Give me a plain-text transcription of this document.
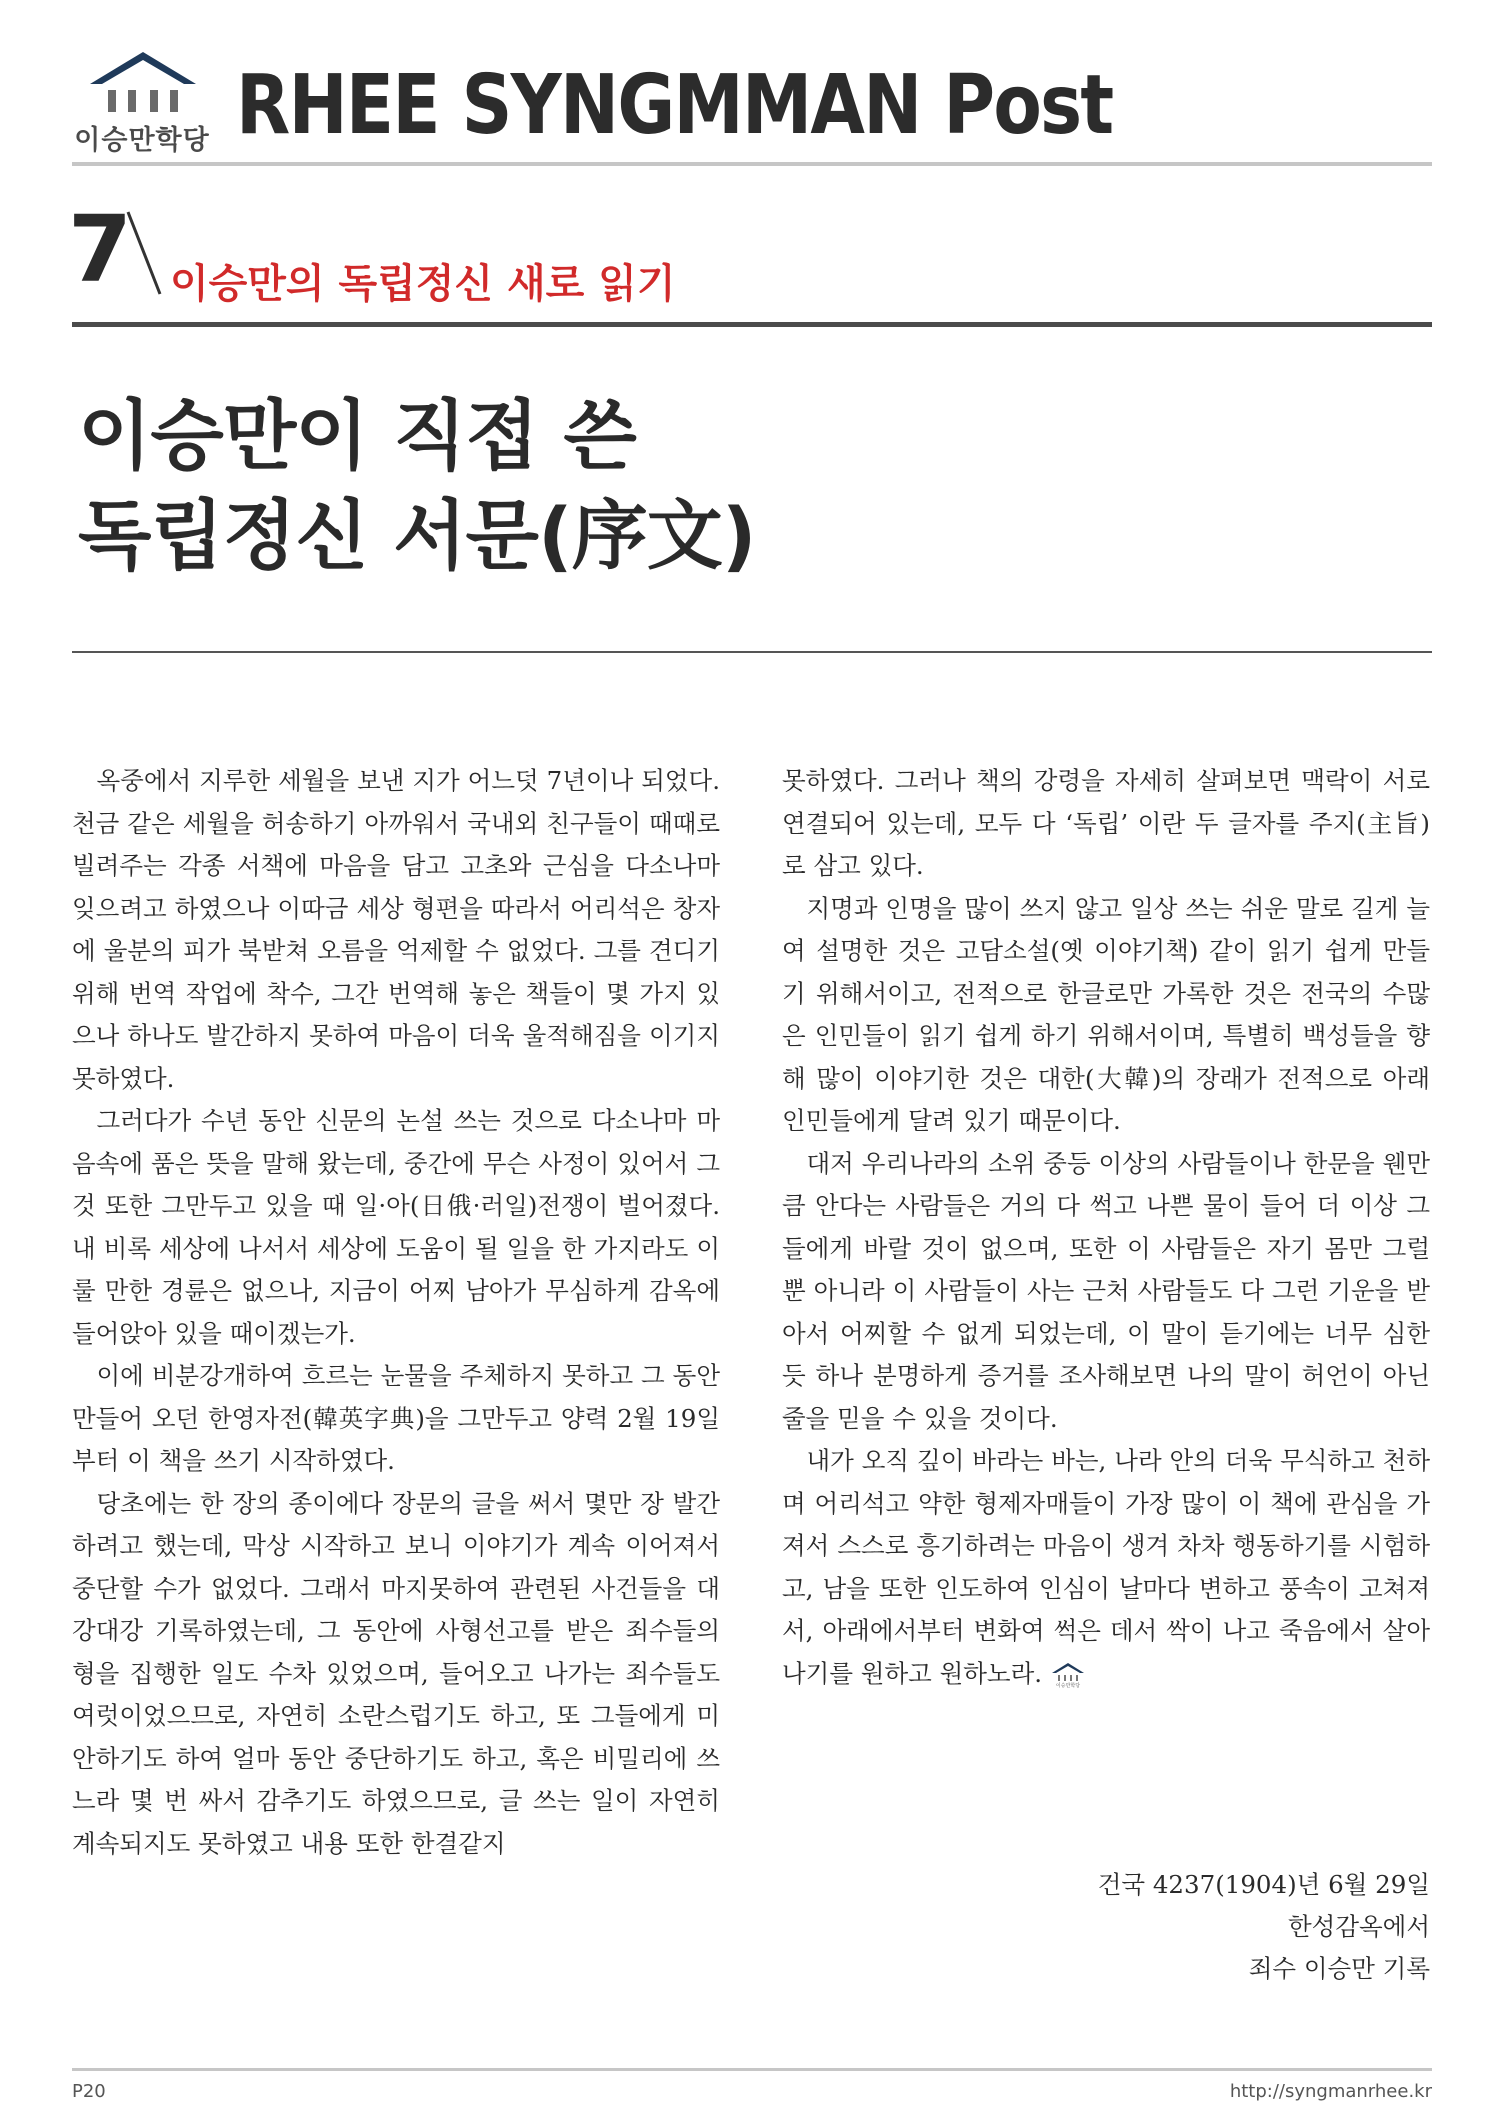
이승만학당 RHEE SYNGMMAN Post
7 이승만의 독립정신 새로 읽기
이승만이 직접 쓴
독립정신 서문(序文)

옥중에서 지루한 세월을 보낸 지가 어느덧 7년이나 되었다. 천금 같은 세월을 허송하기 아까워서 국내외 친구들이 때때로 빌려주는 각종 서책에 마음을 담고 고초와 근심을 다소나마 잊으려고 하였으나 이따금 세상 형편을 따라서 어리석은 창자에 울분의 피가 북받쳐 오름을 억제할 수 없었다. 그를 견디기 위해 번역 작업에 착수, 그간 번역해 놓은 책들이 몇 가지 있으나 하나도 발간하지 못하여 마음이 더욱 울적해짐을 이기지 못하였다.

그러다가 수년 동안 신문의 논설 쓰는 것으로 다소나마 마음속에 품은 뜻을 말해 왔는데, 중간에 무슨 사정이 있어서 그것 또한 그만두고 있을 때 일·아(日俄·러일)전쟁이 벌어졌다. 내 비록 세상에 나서서 세상에 도움이 될 일을 한 가지라도 이룰 만한 경륜은 없으나, 지금이 어찌 남아가 무심하게 감옥에 들어앉아 있을 때이겠는가.

이에 비분강개하여 흐르는 눈물을 주체하지 못하고 그 동안 만들어 오던 한영자전(韓英字典)을 그만두고 양력 2월 19일부터 이 책을 쓰기 시작하였다.

당초에는 한 장의 종이에다 장문의 글을 써서 몇만 장 발간하려고 했는데, 막상 시작하고 보니 이야기가 계속 이어져서 중단할 수가 없었다. 그래서 마지못하여 관련된 사건들을 대강대강 기록하였는데, 그 동안에 사형선고를 받은 죄수들의 형을 집행한 일도 수차 있었으며, 들어오고 나가는 죄수들도 여럿이었으므로, 자연히 소란스럽기도 하고, 또 그들에게 미안하기도 하여 얼마 동안 중단하기도 하고, 혹은 비밀리에 쓰느라 몇 번 싸서 감추기도 하였으므로, 글 쓰는 일이 자연히 계속되지도 못하였고 내용 또한 한결같지

못하였다. 그러나 책의 강령을 자세히 살펴보면 맥락이 서로 연결되어 있는데, 모두 다 ‘독립’ 이란 두 글자를 주지(主旨)로 삼고 있다.

지명과 인명을 많이 쓰지 않고 일상 쓰는 쉬운 말로 길게 늘여 설명한 것은 고담소설(옛 이야기책) 같이 읽기 쉽게 만들기 위해서이고, 전적으로 한글로만 가록한 것은 전국의 수많은 인민들이 읽기 쉽게 하기 위해서이며, 특별히 백성들을 향해 많이 이야기한 것은 대한(大韓)의 장래가 전적으로 아래 인민들에게 달려 있기 때문이다.

대저 우리나라의 소위 중등 이상의 사람들이나 한문을 웬만큼 안다는 사람들은 거의 다 썩고 나쁜 물이 들어 더 이상 그들에게 바랄 것이 없으며, 또한 이 사람들은 자기 몸만 그럴 뿐 아니라 이 사람들이 사는 근처 사람들도 다 그런 기운을 받아서 어찌할 수 없게 되었는데, 이 말이 듣기에는 너무 심한 듯 하나 분명하게 증거를 조사해보면 나의 말이 허언이 아닌 줄을 믿을 수 있을 것이다.

내가 오직 깊이 바라는 바는, 나라 안의 더욱 무식하고 천하며 어리석고 약한 형제자매들이 가장 많이 이 책에 관심을 가져서 스스로 흥기하려는 마음이 생겨 차차 행동하기를 시험하고, 남을 또한 인도하여 인심이 날마다 변하고 풍속이 고쳐져서, 아래에서부터 변화여 썩은 데서 싹이 나고 죽음에서 살아나기를 원하고 원하노라.	이승만학당

건국 4237(1904)년 6월 29일
한성감옥에서
죄수 이승만 기록
P20	http://syngmanrhee.kr
